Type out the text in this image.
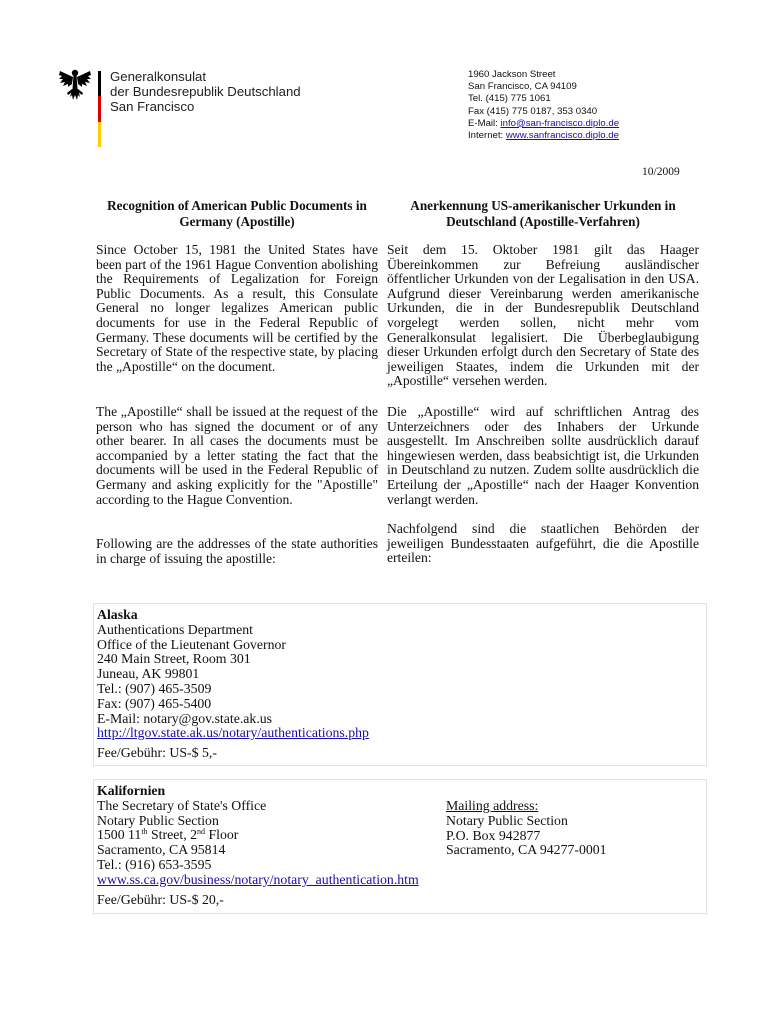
Generalkonsulat
der Bundesrepublik Deutschland
San Francisco
1960 Jackson Street
San Francisco, CA 94109
Tel. (415) 775 1061
Fax (415) 775 0187, 353 0340
E-Mail: info@san-francisco.diplo.de
Internet: www.sanfrancisco.diplo.de
10/2009
Recognition of American Public Documents in Germany (Apostille)
Since October 15, 1981 the United States have been part of the 1961 Hague Convention abolishing the Requirements of Legalization for Foreign Public Documents. As a result, this Consulate General no longer legalizes American public documents for use in the Federal Republic of Germany. These documents will be certified by the Secretary of State of the respective state, by placing the „Apostille“ on the document.
The „Apostille“ shall be issued at the request of the person who has signed the document or of any other bearer. In all cases the documents must be accompanied by a letter stating the fact that the documents will be used in the Federal Republic of Germany and asking explicitly for the "Apostille" according to the Hague Convention.
Following are the addresses of the state authorities in charge of issuing the apostille:
Anerkennung US-amerikanischer Urkunden in Deutschland (Apostille-Verfahren)
Seit dem 15. Oktober 1981 gilt das Haager Übereinkommen zur Befreiung ausländischer öffentlicher Urkunden von der Legalisation in den USA. Aufgrund dieser Vereinbarung werden amerikanische Urkunden, die in der Bundesrepublik Deutschland vorgelegt werden sollen, nicht mehr vom Generalkonsulat legalisiert. Die Überbeglaubigung dieser Urkunden erfolgt durch den Secretary of State des jeweiligen Staates, indem die Urkunden mit der „Apostille“ versehen werden.
Die „Apostille“ wird auf schriftlichen Antrag des Unterzeichners oder des Inhabers der Urkunde ausgestellt. Im Anschreiben sollte ausdrücklich darauf hingewiesen werden, dass beabsichtigt ist, die Urkunden in Deutschland zu nutzen. Zudem sollte ausdrücklich die Erteilung der „Apostille“ nach der Haager Konvention verlangt werden.
Nachfolgend sind die staatlichen Behörden der jeweiligen Bundesstaaten aufgeführt, die die Apostille erteilen:
Alaska
Authentications Department
Office of the Lieutenant Governor
240 Main Street, Room 301
Juneau, AK 99801
Tel.: (907) 465-3509
Fax: (907) 465-5400
E-Mail: notary@gov.state.ak.us
http://ltgov.state.ak.us/notary/authentications.php
Fee/Gebühr: US-$ 5,-
Kalifornien
The Secretary of State's Office
Notary Public Section
1500 11th Street, 2nd Floor
Sacramento, CA 95814
Tel.: (916) 653-3595
www.ss.ca.gov/business/notary/notary_authentication.htm
Fee/Gebühr: US-$ 20,-
Mailing address:
Notary Public Section
P.O. Box 942877
Sacramento, CA 94277-0001
